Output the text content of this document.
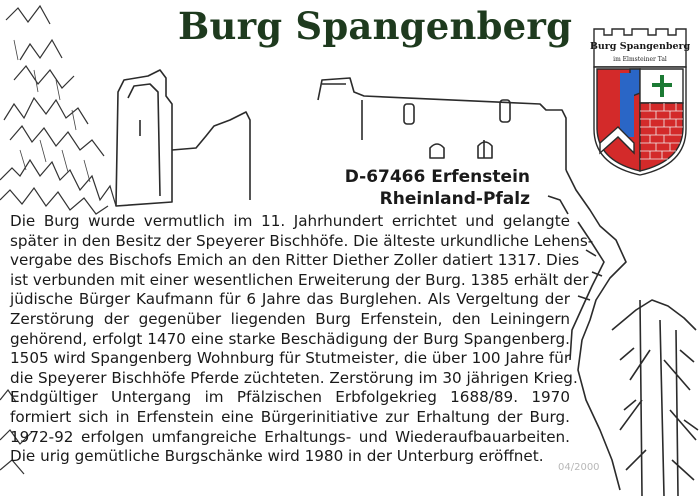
Burg Spangenberg	Burg Spangenberg
im Elmsteiner Tal
D-67466 Erfenstein
Rheinland-Pfalz
Die Burg wurde vermutlich im 11. Jahrhundert errichtet und gelangte
später in den Besitz der Speyerer Bischhöfe. Die älteste urkundliche Lehens-
vergabe des Bischofs Emich an den Ritter Diether Zoller datiert 1317. Dies
ist verbunden mit einer wesentlichen Erweiterung der Burg. 1385 erhält der
jüdische Bürger Kaufmann für 6 Jahre das Burglehen. Als Vergeltung der
Zerstörung der gegenüber liegenden Burg Erfenstein, den Leiningern
gehörend, erfolgt 1470 eine starke Beschädigung der Burg Spangenberg.
1505 wird Spangenberg Wohnburg für Stutmeister, die über 100 Jahre für
die Speyerer Bischhöfe Pferde züchteten. Zerstörung im 30 jährigen Krieg.
Endgültiger Untergang im Pfälzischen Erbfolgekrieg 1688/89. 1970
formiert sich in Erfenstein eine Bürgerinitiative zur Erhaltung der Burg.
1972-92 erfolgen umfangreiche Erhaltungs- und Wiederaufbauarbeiten.
Die urig gemütliche Burgschänke wird 1980 in der Unterburg eröffnet.
04/2000
